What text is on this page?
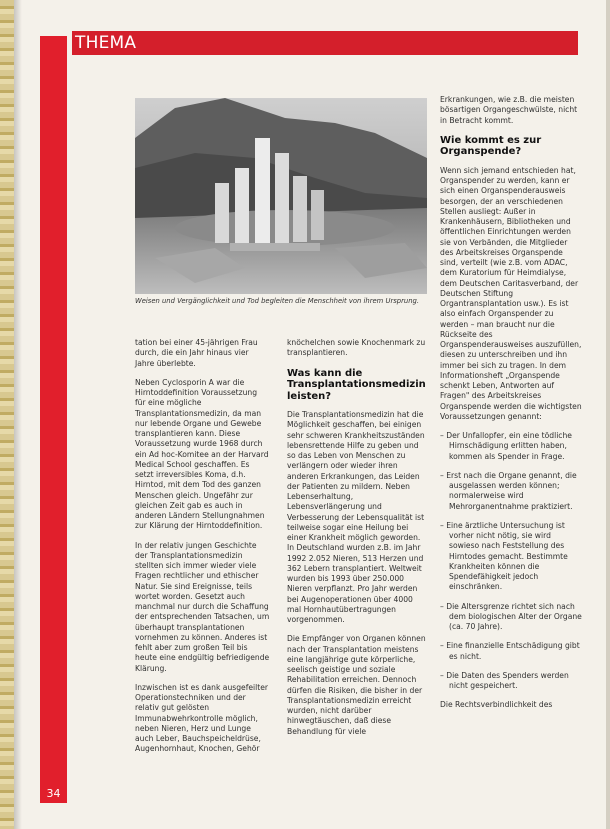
THEMA
Weisen und Vergänglichkeit und Tod begleiten die Menschheit von ihrem Ursprung.

tation bei einer 45-jährigen Frau durch, die ein Jahr hinaus vier Jahre überlebte.

Neben Cyclosporin A war die Hirntoddefinition Voraussetzung für eine mögliche Transplantationsmedizin, da man nur lebende Organe und Gewebe transplantieren kann. Diese Voraussetzung wurde 1968 durch ein Ad hoc-Komitee an der Harvard Medical School geschaffen. Es setzt irreversibles Koma, d.h. Hirntod, mit dem Tod des ganzen Menschen gleich. Ungefähr zur gleichen Zeit gab es auch in anderen Ländern Stellungnahmen zur Klärung der Hirntoddefinition.

In der relativ jungen Geschichte der Transplantationsmedizin stellten sich immer wieder viele Fragen rechtlicher und ethischer Natur. Sie sind Ereignisse, teils wortet worden. Gesetzt auch manchmal nur durch die Schaffung der entsprechenden Tatsachen, um überhaupt transplantationen vornehmen zu können. Anderes ist fehlt aber zum großen Teil bis heute eine endgültig befriedigende Klärung.

Inzwischen ist es dank ausgefeilter Operationstechniken und der relativ gut gelösten Immunabwehrkontrolle möglich, neben Nieren, Herz und Lunge auch Leber, Bauchspeicheldrüse, Augenhornhaut, Knochen, Gehör

knöchelchen sowie Knochenmark zu transplantieren.

Was kann die Transplantationsmedizin leisten?

Die Transplantationsmedizin hat die Möglichkeit geschaffen, bei einigen sehr schweren Krankheitszuständen lebensrettende Hilfe zu geben und so das Leben von Menschen zu verlängern oder wieder ihren anderen Erkrankungen, das Leiden der Patienten zu mildern. Neben Lebenserhaltung, Lebensverlängerung und Verbesserung der Lebensqualität ist teilweise sogar eine Heilung bei einer Krankheit möglich geworden. In Deutschland wurden z.B. im Jahr 1992 2.052 Nieren, 513 Herzen und 362 Lebern transplantiert. Weltweit wurden bis 1993 über 250.000 Nieren verpflanzt. Pro Jahr werden bei Augenoperationen über 4000 mal Hornhautübertragungen vorgenommen.

Die Empfänger von Organen können nach der Transplantation meistens eine langjährige gute körperliche, seelisch geistige und soziale Rehabilitation erreichen. Dennoch dürfen die Risiken, die bisher in der Transplantationsmedizin erreicht wurden, nicht darüber hinwegtäuschen, daß diese Behandlung für viele

Erkrankungen, wie z.B. die meisten bösartigen Organgeschwülste, nicht in Betracht kommt.

Wie kommt es zur Organspende?

Wenn sich jemand entschieden hat, Organspender zu werden, kann er sich einen Organspenderausweis besorgen, der an verschiedenen Stellen ausliegt: Außer in Krankenhäusern, Bibliotheken und öffentlichen Einrichtungen werden sie von Verbänden, die Mitglieder des Arbeitskreises Organspende sind, verteilt (wie z.B. vom ADAC, dem Kuratorium für Heimdialyse, dem Deutschen Caritasverband, der Deutschen Stiftung Organtransplantation usw.). Es ist also einfach Organspender zu werden – man braucht nur die Rückseite des Organspenderausweises auszufüllen, diesen zu unterschreiben und ihn immer bei sich zu tragen. In dem Informationsheft „Organspende schenkt Leben, Antworten auf Fragen" des Arbeitskreises Organspende werden die wichtigsten Voraussetzungen genannt:

– Der Unfallopfer, ein eine tödliche Hirnschädigung erlitten haben, kommen als Spender in Frage.
– Erst nach die Organe genannt, die ausgelassen werden können; normalerweise wird Mehrorganentnahme praktiziert.
– Eine ärztliche Untersuchung ist vorher nicht nötig, sie wird sowieso nach Feststellung des Hirntodes gemacht. Bestimmte Krankheiten können die Spendefähigkeit jedoch einschränken.
– Die Altersgrenze richtet sich nach dem biologischen Alter der Organe (ca. 70 Jahre).
– Eine finanzielle Entschädigung gibt es nicht.
– Die Daten des Spenders werden nicht gespeichert.

Die Rechtsverbindlichkeit des

34
